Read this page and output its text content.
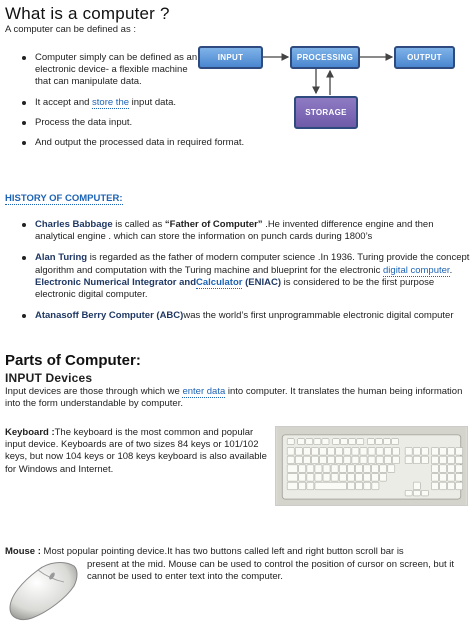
What is a computer ?
A computer can be defined as :
Computer simply can be defined as an electronic device- a flexible machine that can manipulate data.
It accept and store the input data.
Process the data input.
And output the processed data in required format.
INPUT	PROCESSING	OUTPUT
STORAGE
HISTORY OF COMPUTER:
Charles Babbage is called as “Father of Computer” .He invented difference engine and then analytical engine . which can store the information on punch cards during 1800’s
Alan Turing is regarded as the father of modern computer science .In 1936. Turing provide the concept algorithm and computation with the Turing machine and blueprint for the electronic digital computer. Electronic Numerical Integrator andCalculator (ENIAC) is considered to be the first purpose electronic digital computer.
Atanasoff Berry Computer (ABC)was the world’s first unprogrammable electronic digital computer
Parts of Computer:
INPUT Devices
Input devices are those through which we enter data into computer. It translates the human being information into the form understandable by computer.
Keyboard :The keyboard is the most common and popular input device. Keyboards are of two sizes 84 keys or 101/102 keys, but now 104 keys or 108 keys keyboard is also available for Windows and Internet.
Mouse : Most popular pointing device.It has two buttons called left and right button scroll bar is
present at the mid. Mouse can be used to control the position of cursor on screen, but it cannot be used to enter text into the computer.
